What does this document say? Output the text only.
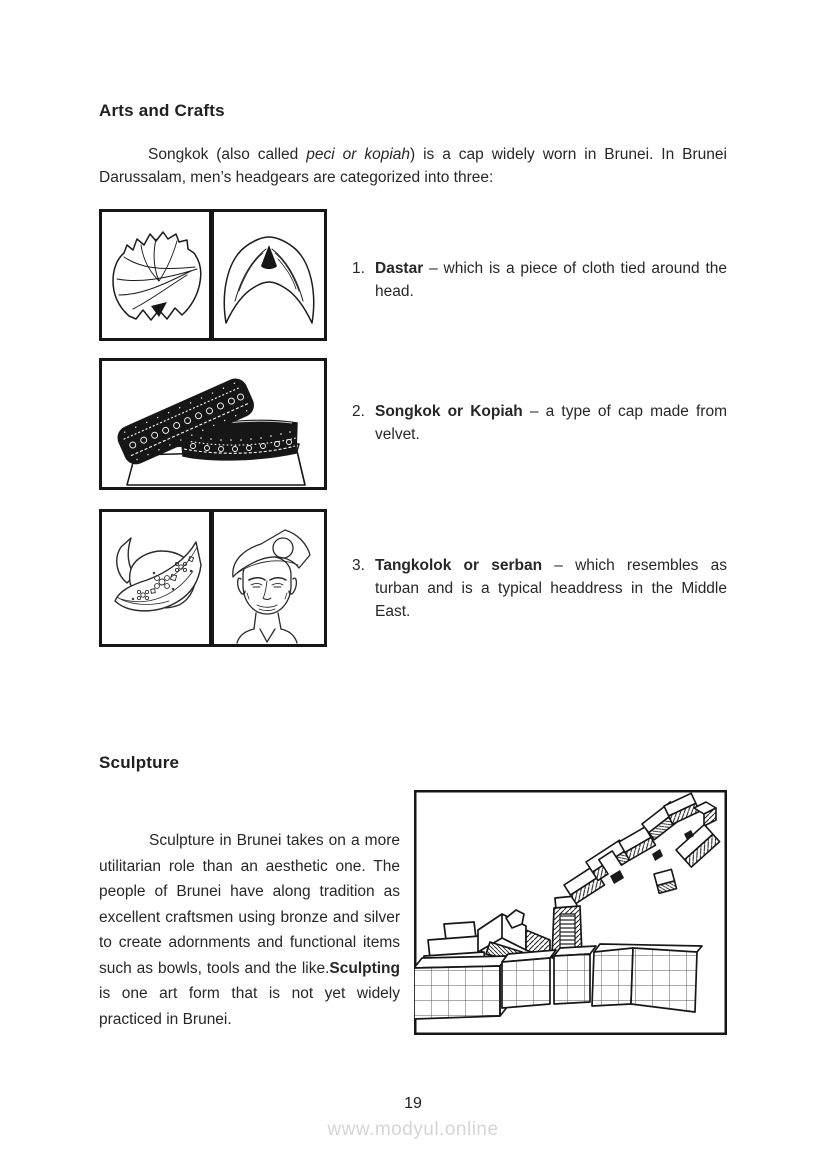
Arts and Crafts

Songkok (also called peci or kopiah) is a cap widely worn in Brunei. In Brunei Darussalam, men’s headgears are categorized into three:

1. Dastar – which is a piece of cloth tied around the head.
2. Songkok or Kopiah – a type of cap made from velvet.
3. Tangkolok or serban – which resembles as turban and is a typical headdress in the Middle East.
Sculpture

Sculpture in Brunei takes on a more utilitarian role than an aesthetic one. The people of Brunei have along tradition as excellent craftsmen using bronze and silver to create adornments and functional items such as bowls, tools and the like.Sculpting is one art form that is not yet widely practiced in Brunei.

19
www.modyul.online
